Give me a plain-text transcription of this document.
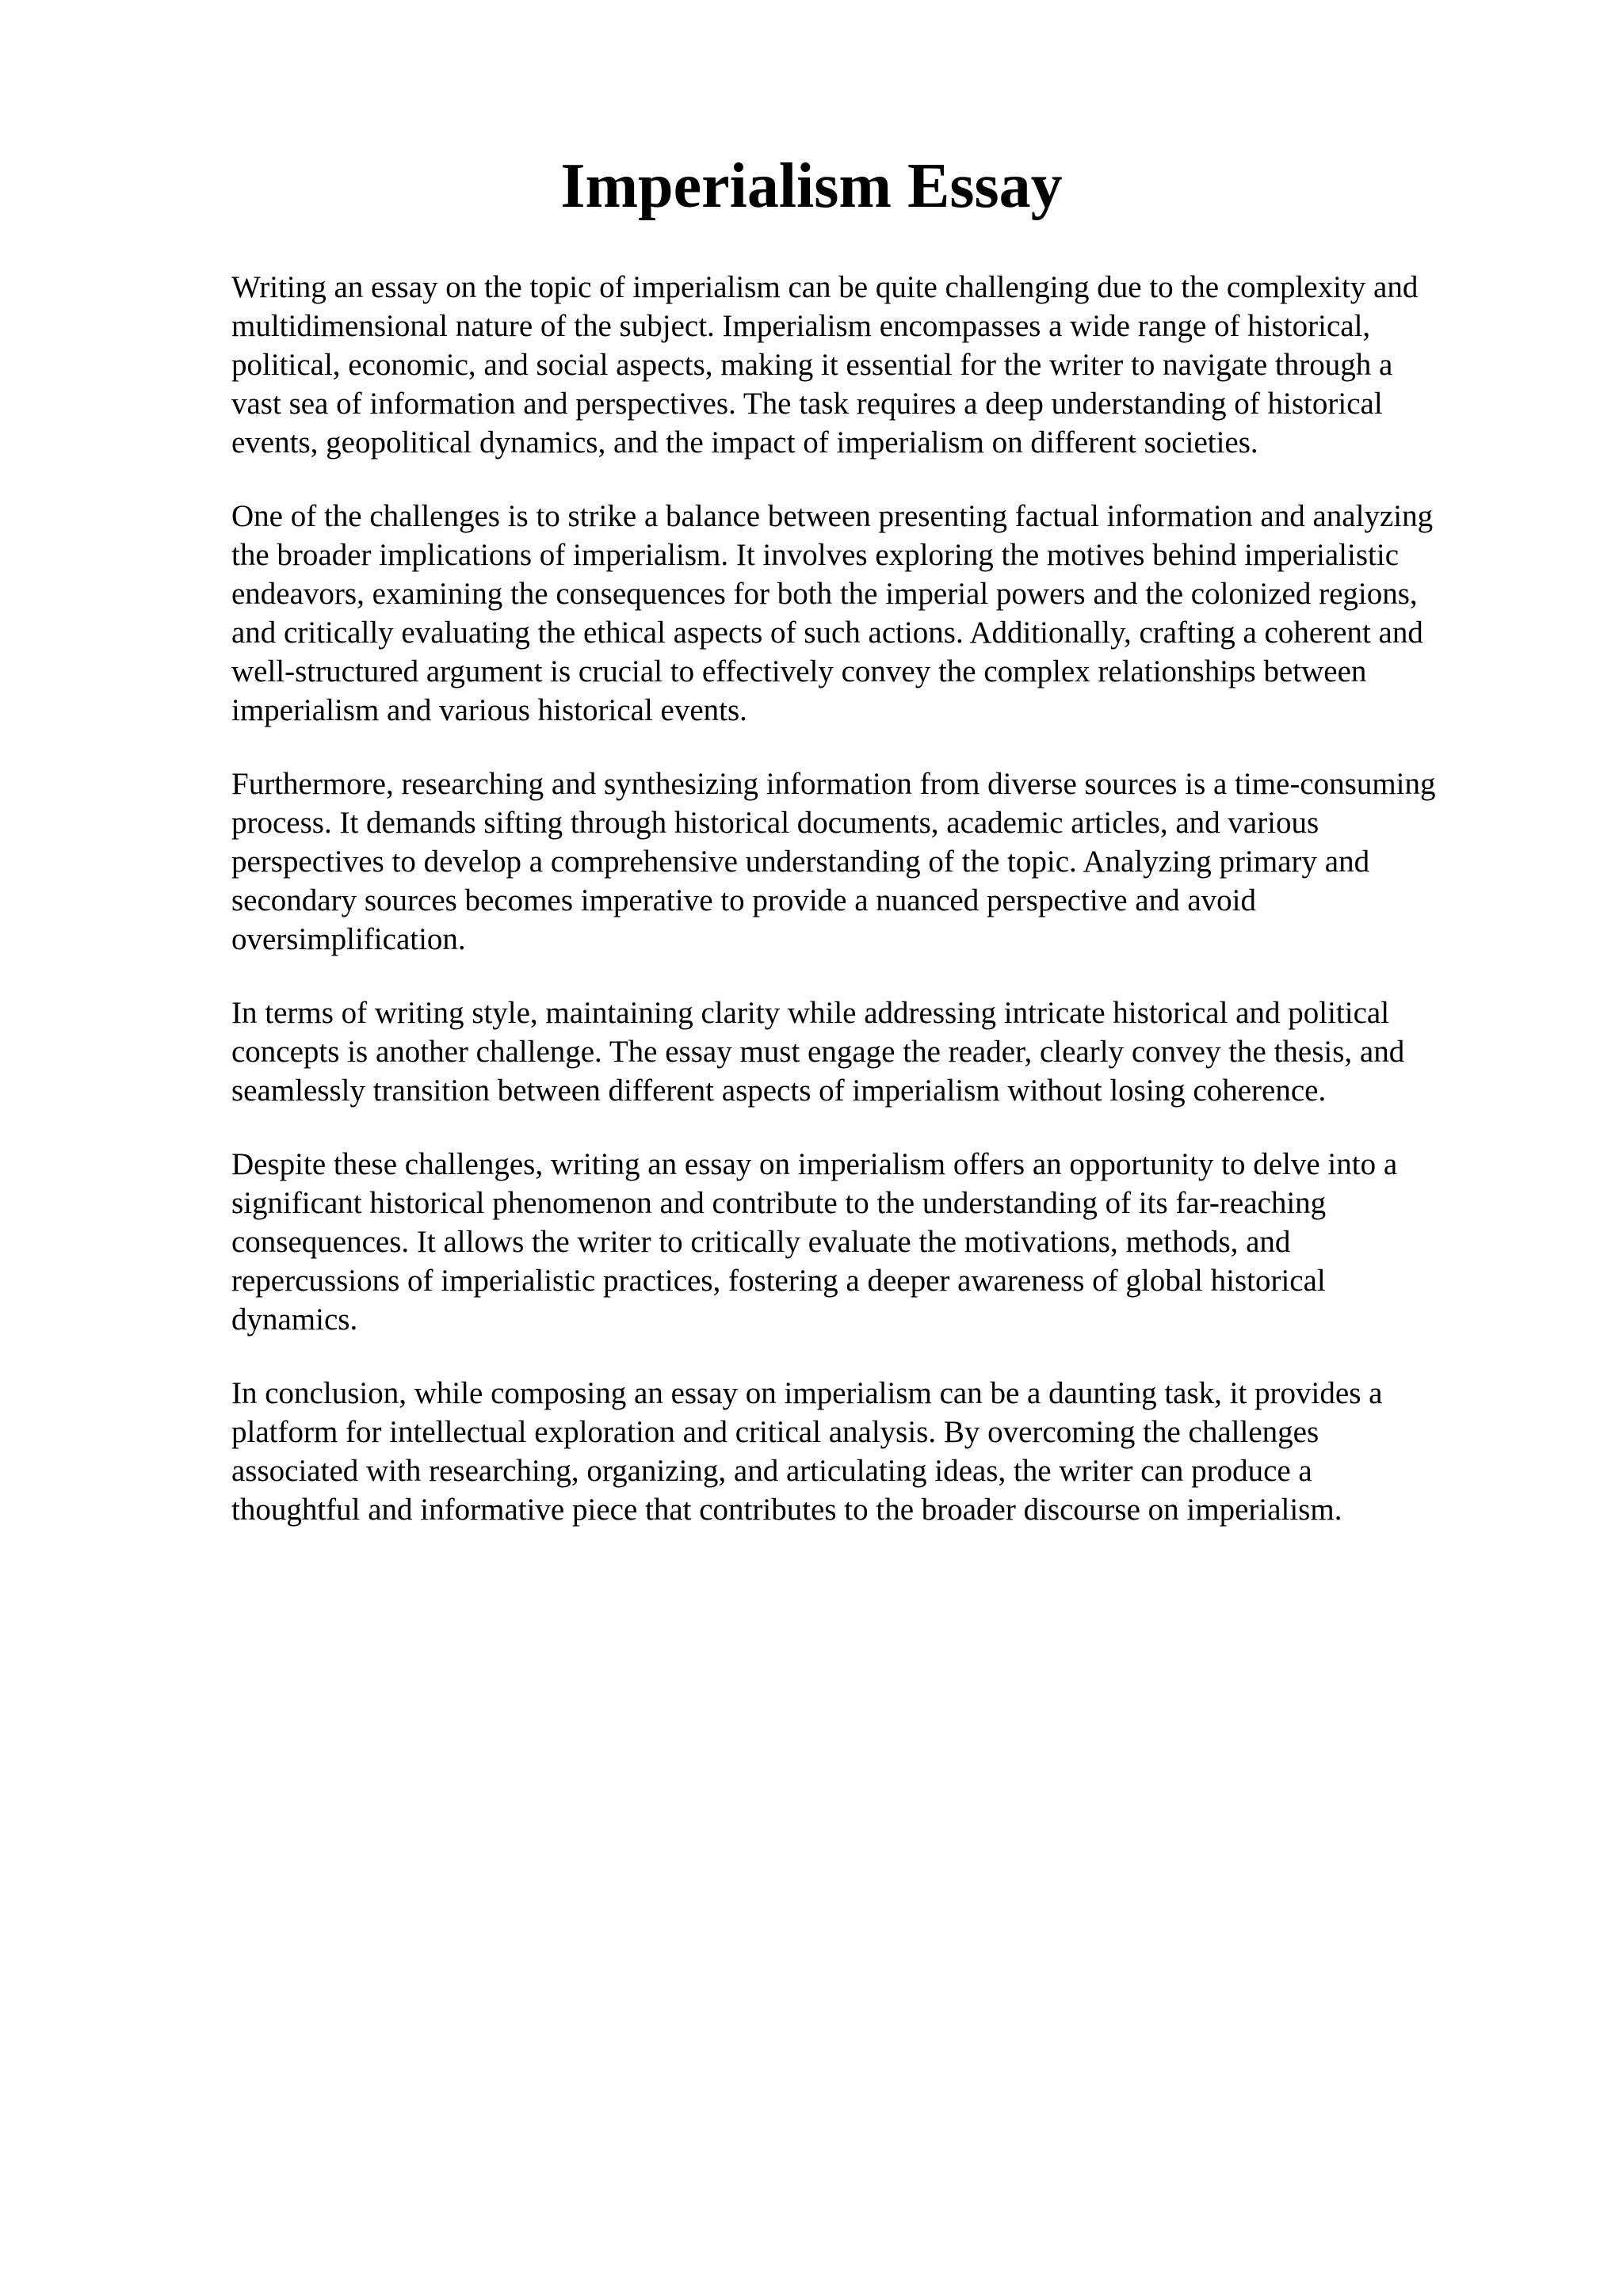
Imperialism Essay

Writing an essay on the topic of imperialism can be quite challenging due to the complexity and
multidimensional nature of the subject. Imperialism encompasses a wide range of historical,
political, economic, and social aspects, making it essential for the writer to navigate through a
vast sea of information and perspectives. The task requires a deep understanding of historical
events, geopolitical dynamics, and the impact of imperialism on different societies.

One of the challenges is to strike a balance between presenting factual information and analyzing
the broader implications of imperialism. It involves exploring the motives behind imperialistic
endeavors, examining the consequences for both the imperial powers and the colonized regions,
and critically evaluating the ethical aspects of such actions. Additionally, crafting a coherent and
well-structured argument is crucial to effectively convey the complex relationships between
imperialism and various historical events.

Furthermore, researching and synthesizing information from diverse sources is a time-consuming
process. It demands sifting through historical documents, academic articles, and various
perspectives to develop a comprehensive understanding of the topic. Analyzing primary and
secondary sources becomes imperative to provide a nuanced perspective and avoid
oversimplification.

In terms of writing style, maintaining clarity while addressing intricate historical and political
concepts is another challenge. The essay must engage the reader, clearly convey the thesis, and
seamlessly transition between different aspects of imperialism without losing coherence.

Despite these challenges, writing an essay on imperialism offers an opportunity to delve into a
significant historical phenomenon and contribute to the understanding of its far-reaching
consequences. It allows the writer to critically evaluate the motivations, methods, and
repercussions of imperialistic practices, fostering a deeper awareness of global historical
dynamics.

In conclusion, while composing an essay on imperialism can be a daunting task, it provides a
platform for intellectual exploration and critical analysis. By overcoming the challenges
associated with researching, organizing, and articulating ideas, the writer can produce a
thoughtful and informative piece that contributes to the broader discourse on imperialism.
